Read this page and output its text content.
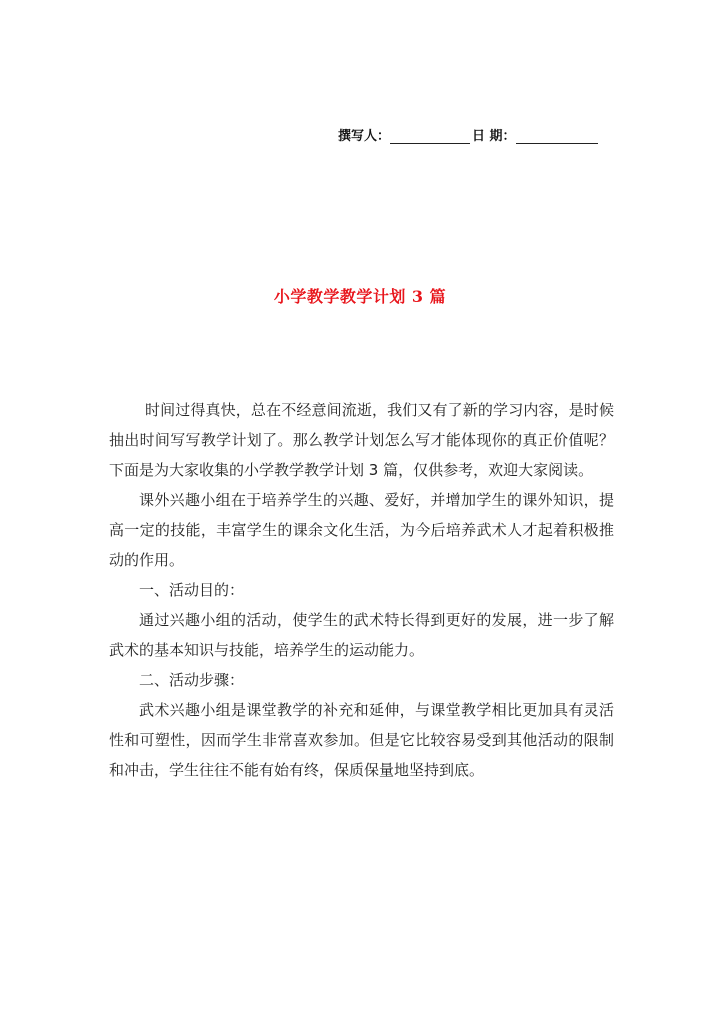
撰写人：	日 期：
小学教学教学计划 3 篇

时间过得真快，总在不经意间流逝，我们又有了新的学习内容，是时候抽出时间写写教学计划了。那么教学计划怎么写才能体现你的真正价值呢？下面是为大家收集的小学教学教学计划 3 篇，仅供参考，欢迎大家阅读。

课外兴趣小组在于培养学生的兴趣、爱好，并增加学生的课外知识，提高一定的技能，丰富学生的课余文化生活，为今后培养武术人才起着积极推动的作用。

一、活动目的：

通过兴趣小组的活动，使学生的武术特长得到更好的发展，进一步了解武术的基本知识与技能，培养学生的运动能力。

二、活动步骤：

武术兴趣小组是课堂教学的补充和延伸，与课堂教学相比更加具有灵活性和可塑性，因而学生非常喜欢参加。但是它比较容易受到其他活动的限制和冲击，学生往往不能有始有终，保质保量地坚持到底。
